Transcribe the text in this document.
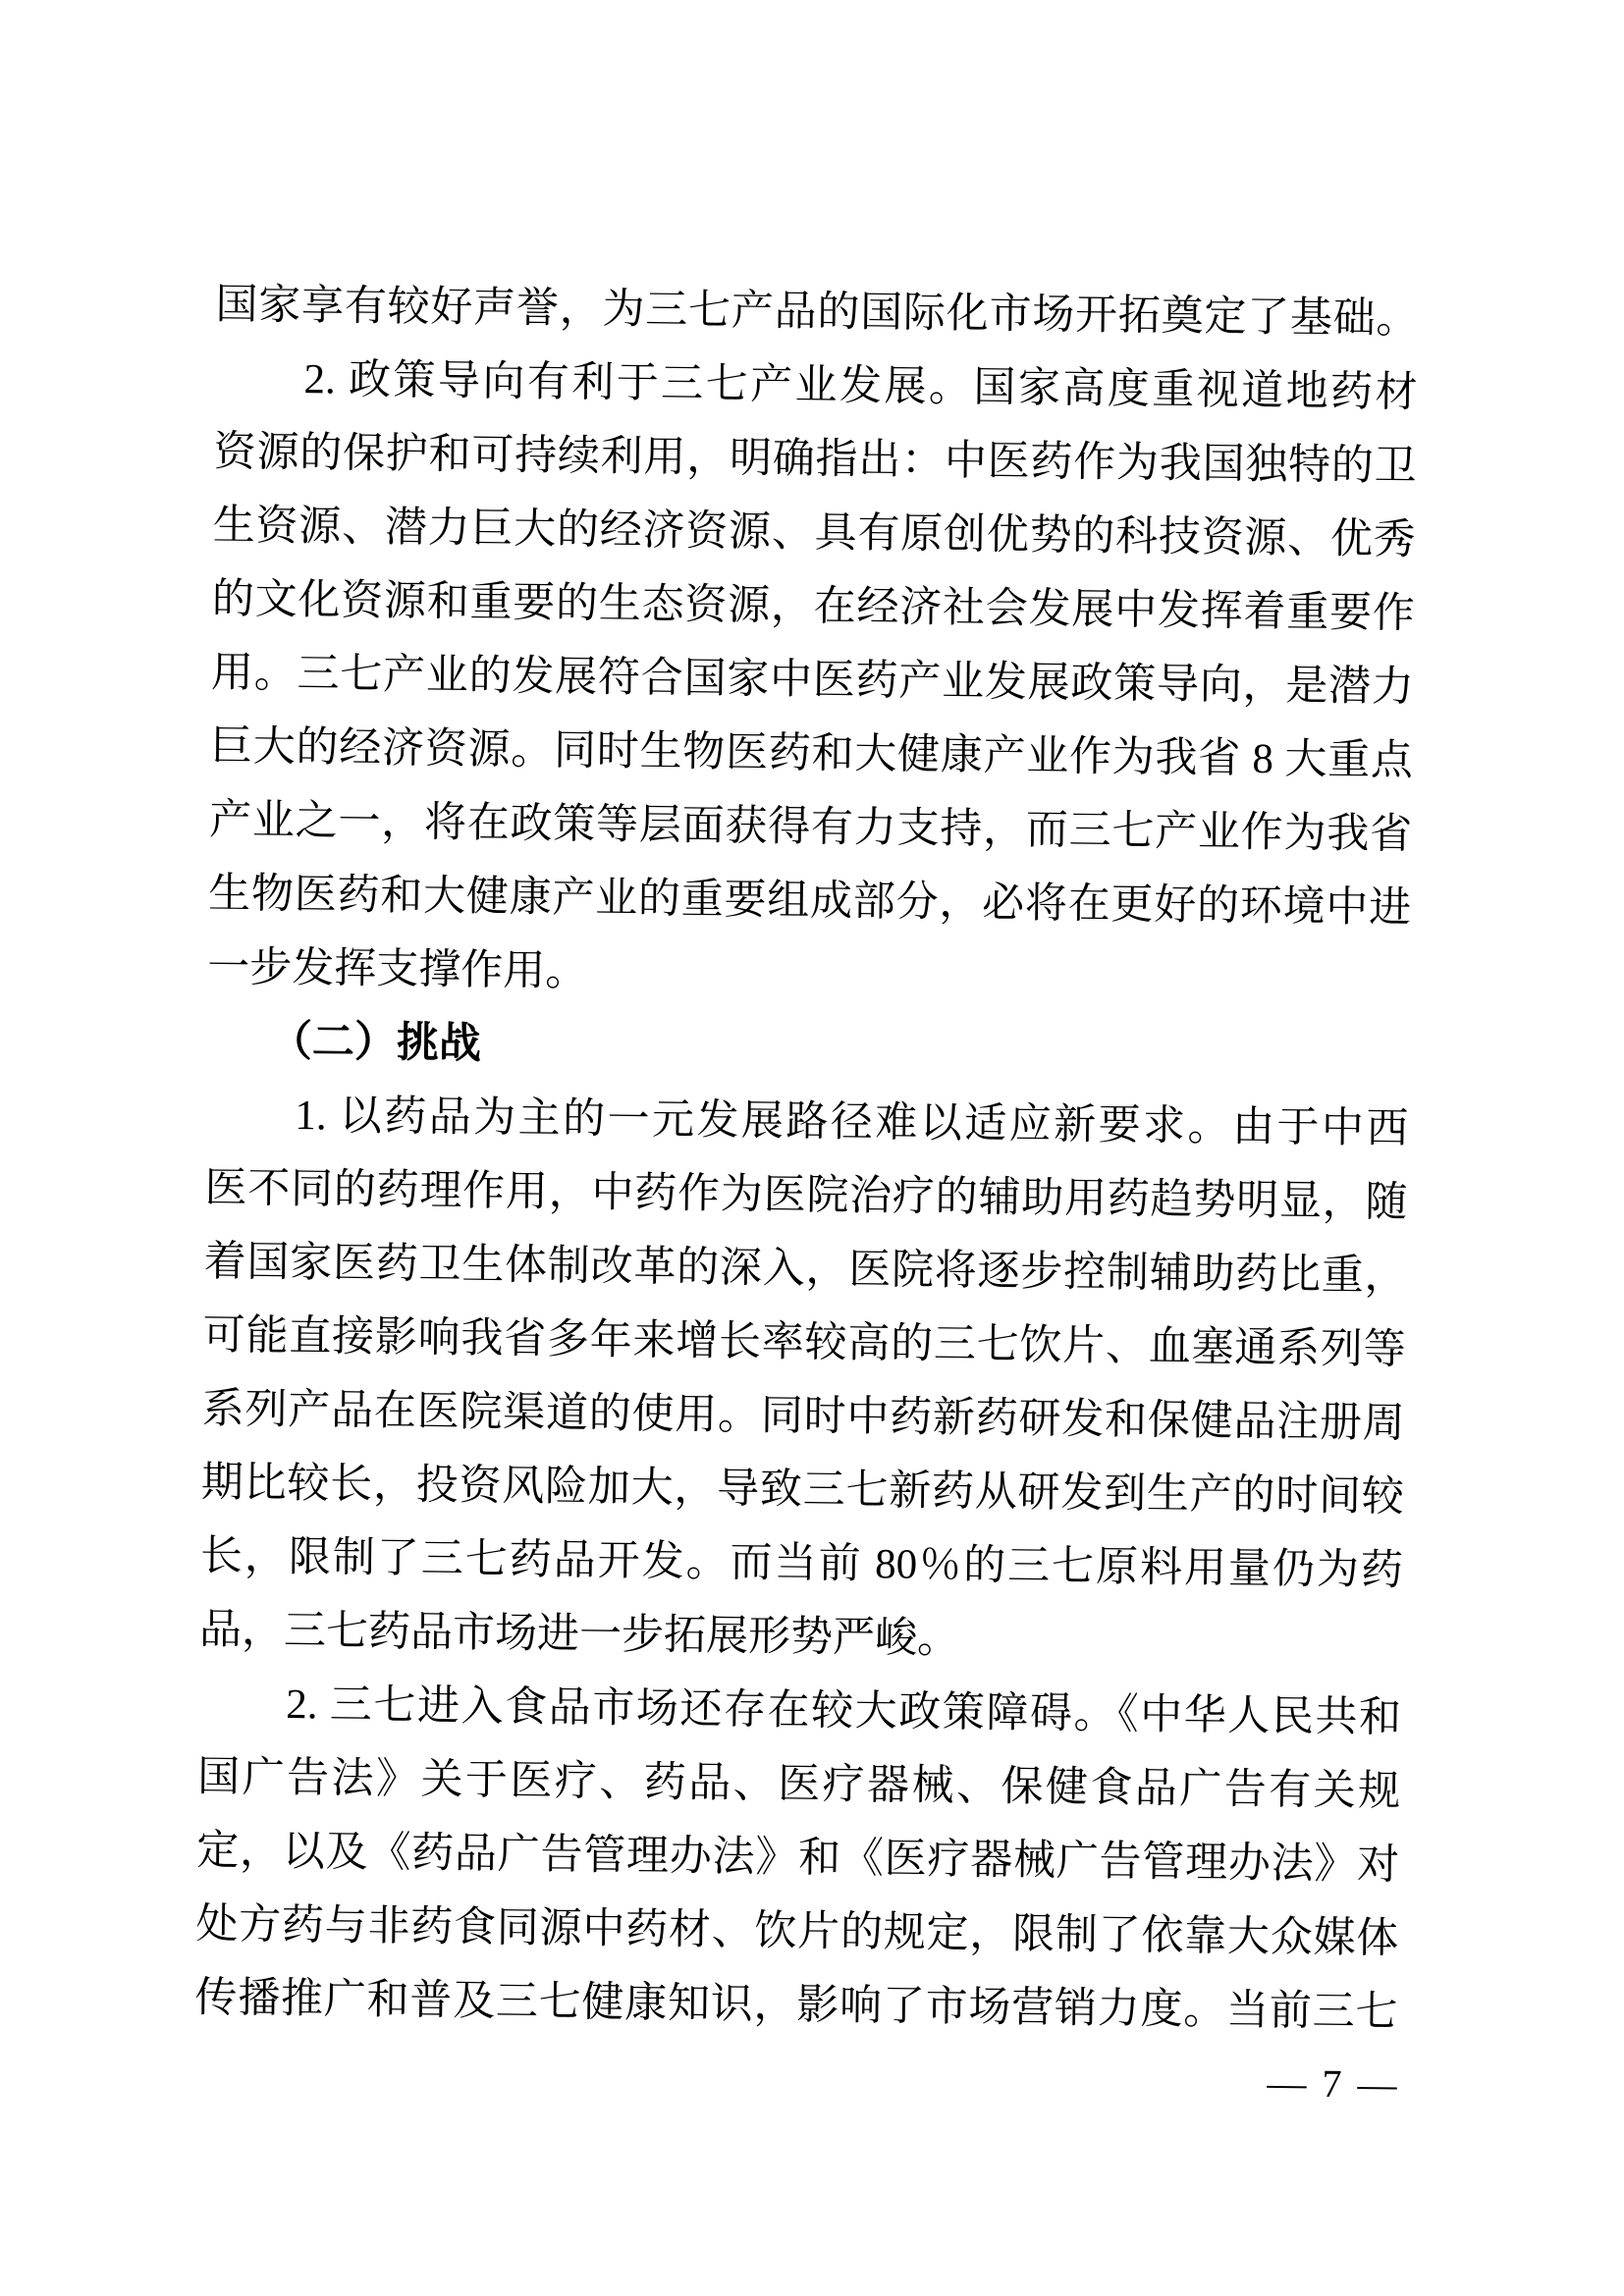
国家享有较好声誉，为三七产品的国际化市场开拓奠定了基础。
　　2. 政策导向有利于三七产业发展。国家高度重视道地药材
资源的保护和可持续利用，明确指出：中医药作为我国独特的卫
生资源、潜力巨大的经济资源、具有原创优势的科技资源、优秀
的文化资源和重要的生态资源，在经济社会发展中发挥着重要作
用。三七产业的发展符合国家中医药产业发展政策导向，是潜力
巨大的经济资源。同时生物医药和大健康产业作为我省 8 大重点
产业之一，将在政策等层面获得有力支持，而三七产业作为我省
生物医药和大健康产业的重要组成部分，必将在更好的环境中进
一步发挥支撑作用。
　　（二）挑战
　　1. 以药品为主的一元发展路径难以适应新要求。由于中西
医不同的药理作用，中药作为医院治疗的辅助用药趋势明显，随
着国家医药卫生体制改革的深入，医院将逐步控制辅助药比重，
可能直接影响我省多年来增长率较高的三七饮片、血塞通系列等
系列产品在医院渠道的使用。同时中药新药研发和保健品注册周
期比较长，投资风险加大，导致三七新药从研发到生产的时间较
长，限制了三七药品开发。而当前 80％的三七原料用量仍为药
品，三七药品市场进一步拓展形势严峻。
　　2. 三七进入食品市场还存在较大政策障碍。《中华人民共和
国广告法》关于医疗、药品、医疗器械、保健食品广告有关规
定，以及《药品广告管理办法》和《医疗器械广告管理办法》对
处方药与非药食同源中药材、饮片的规定，限制了依靠大众媒体
传播推广和普及三七健康知识，影响了市场营销力度。当前三七
— 7 —
